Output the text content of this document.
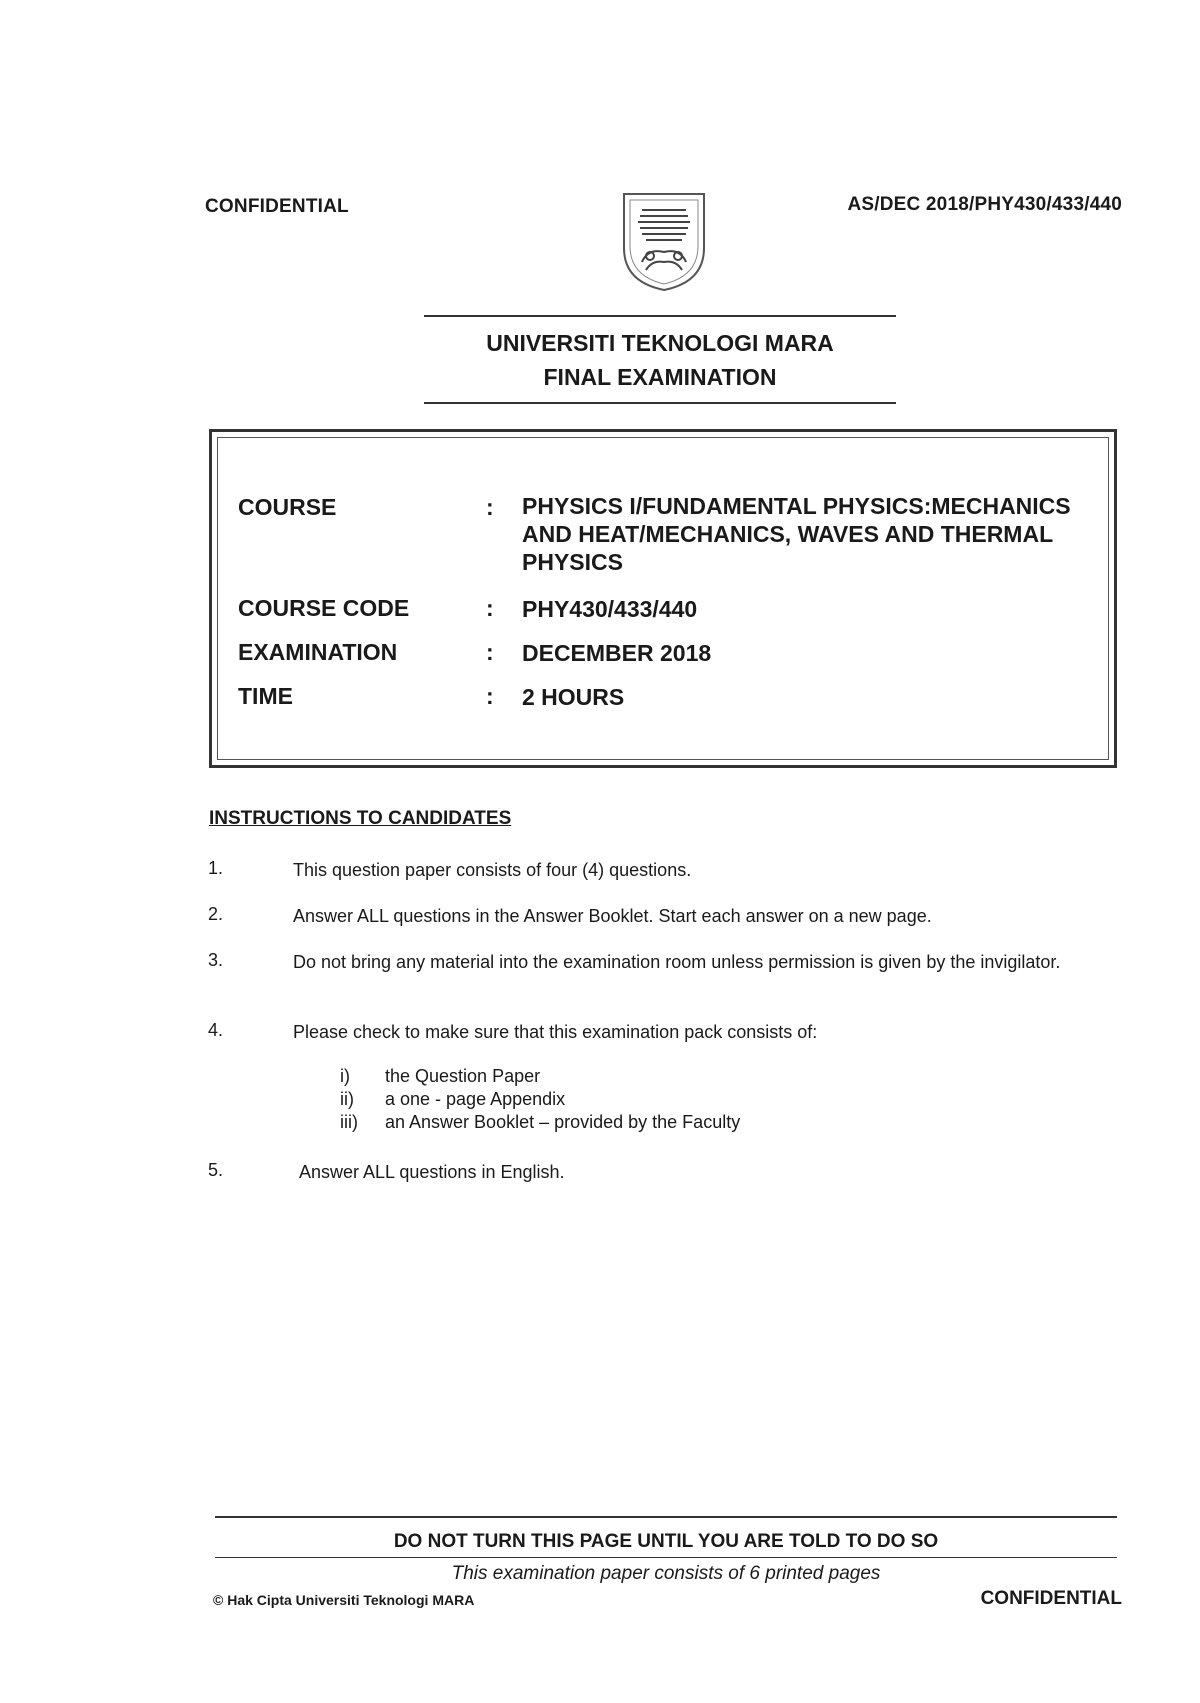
CONFIDENTIAL	AS/DEC 2018/PHY430/433/440
UNIVERSITI TEKNOLOGI MARA
FINAL EXAMINATION
COURSE	: PHYSICS I/FUNDAMENTAL PHYSICS:MECHANICS AND HEAT/MECHANICS, WAVES AND THERMAL PHYSICS
COURSE CODE	: PHY430/433/440
EXAMINATION	: DECEMBER 2018
TIME	: 2 HOURS
INSTRUCTIONS TO CANDIDATES
1.	This question paper consists of four (4) questions.
2.	Answer ALL questions in the Answer Booklet. Start each answer on a new page.
3.	Do not bring any material into the examination room unless permission is given by the invigilator.
4.	Please check to make sure that this examination pack consists of:
i) the Question Paper
ii) a one - page Appendix
iii) an Answer Booklet – provided by the Faculty
5.	Answer ALL questions in English.
DO NOT TURN THIS PAGE UNTIL YOU ARE TOLD TO DO SO
This examination paper consists of 6 printed pages
© Hak Cipta Universiti Teknologi MARA	CONFIDENTIAL
